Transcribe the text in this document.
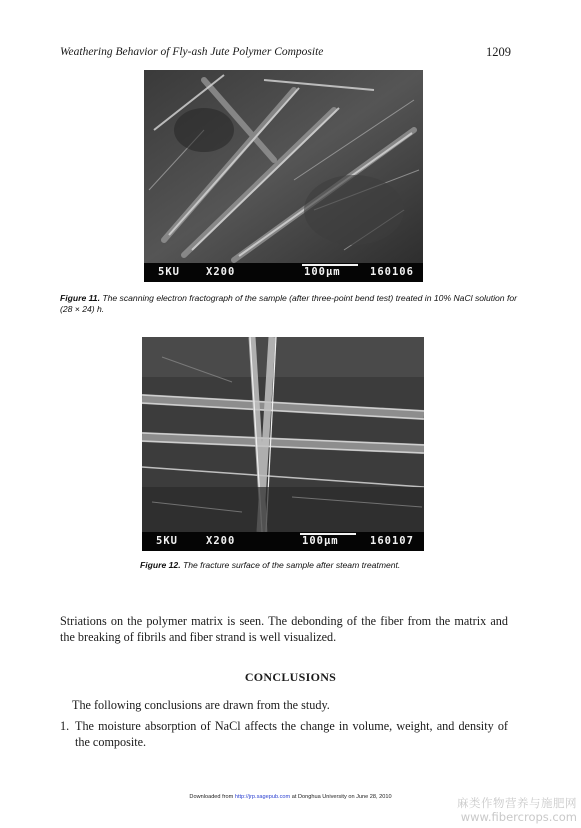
Weathering Behavior of Fly-ash Jute Polymer Composite	1209
5KU X200	100µm	160106
Figure 11. The scanning electron fractograph of the sample (after three-point bend test) treated in 10% NaCl solution for (28 × 24) h.
5KU	X200	100µm	160107
Figure 12. The fracture surface of the sample after steam treatment.
Striations on the polymer matrix is seen. The debonding of the fiber from the matrix and the breaking of fibrils and fiber strand is well visualized.
CONCLUSIONS
The following conclusions are drawn from the study.
1. The moisture absorption of NaCl affects the change in volume, weight, and density of the composite.
Downloaded from http://jrp.sagepub.com at Donghua University on June 28, 2010	麻类作物营养与施肥网
www.fibercrops.com
